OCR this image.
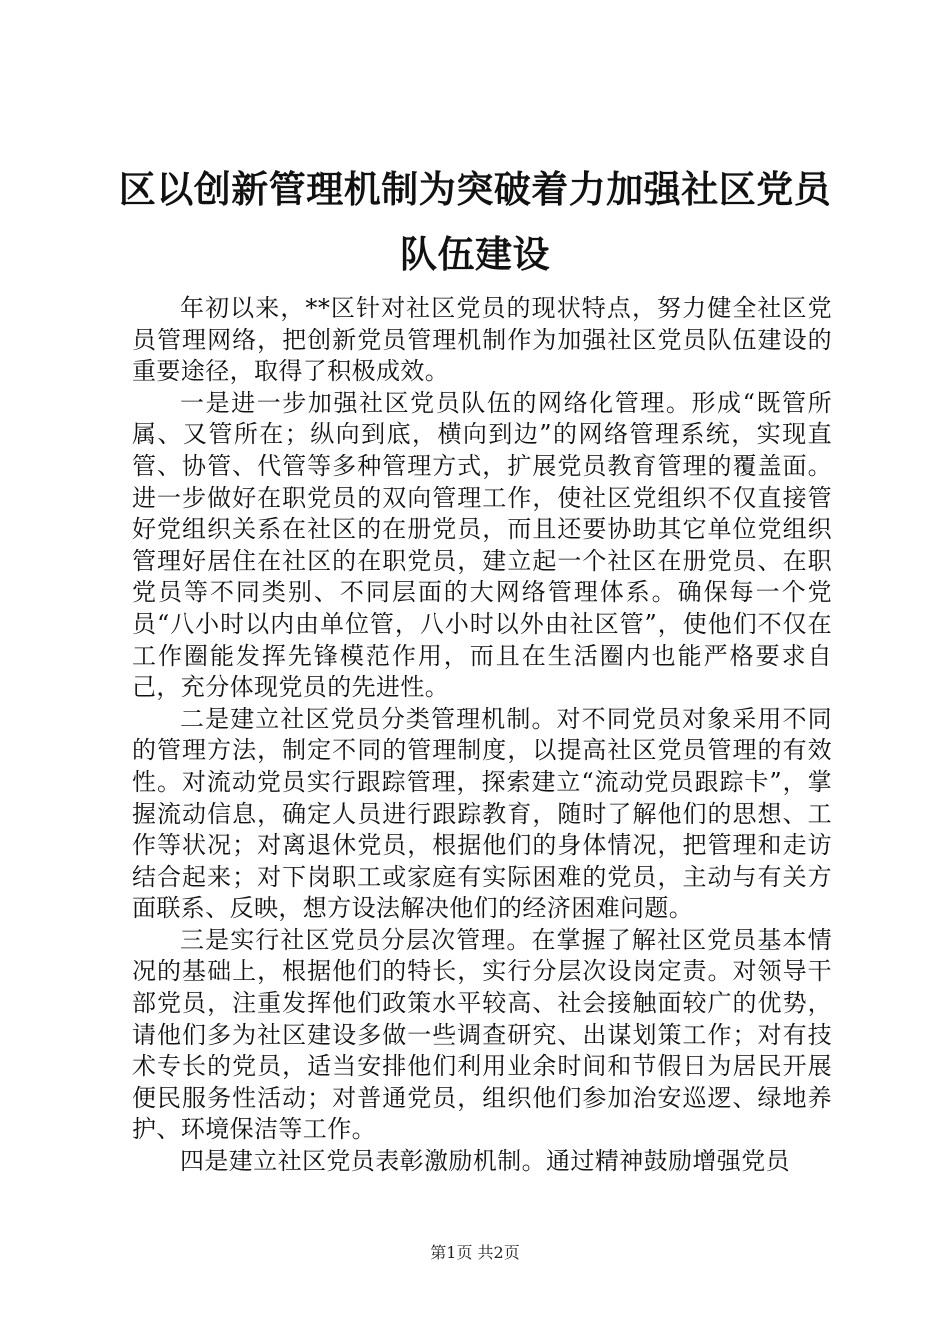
区以创新管理机制为突破着力加强社区党员队伍建设

年初以来，**区针对社区党员的现状特点，努力健全社区党员管理网络，把创新党员管理机制作为加强社区党员队伍建设的重要途径，取得了积极成效。

一是进一步加强社区党员队伍的网络化管理。形成“既管所属、又管所在；纵向到底，横向到边”的网络管理系统，实现直管、协管、代管等多种管理方式，扩展党员教育管理的覆盖面。进一步做好在职党员的双向管理工作，使社区党组织不仅直接管好党组织关系在社区的在册党员，而且还要协助其它单位党组织管理好居住在社区的在职党员，建立起一个社区在册党员、在职党员等不同类别、不同层面的大网络管理体系。确保每一个党员“八小时以内由单位管，八小时以外由社区管”，使他们不仅在工作圈能发挥先锋模范作用，而且在生活圈内也能严格要求自己，充分体现党员的先进性。

二是建立社区党员分类管理机制。对不同党员对象采用不同的管理方法，制定不同的管理制度，以提高社区党员管理的有效性。对流动党员实行跟踪管理，探索建立“流动党员跟踪卡”，掌握流动信息，确定人员进行跟踪教育，随时了解他们的思想、工作等状况；对离退休党员，根据他们的身体情况，把管理和走访结合起来；对下岗职工或家庭有实际困难的党员，主动与有关方面联系、反映，想方设法解决他们的经济困难问题。

三是实行社区党员分层次管理。在掌握了解社区党员基本情况的基础上，根据他们的特长，实行分层次设岗定责。对领导干部党员，注重发挥他们政策水平较高、社会接触面较广的优势，请他们多为社区建设多做一些调查研究、出谋划策工作；对有技术专长的党员，适当安排他们利用业余时间和节假日为居民开展便民服务性活动；对普通党员，组织他们参加治安巡逻、绿地养护、环境保洁等工作。

四是建立社区党员表彰激励机制。通过精神鼓励增强党员

第1页 共2页
